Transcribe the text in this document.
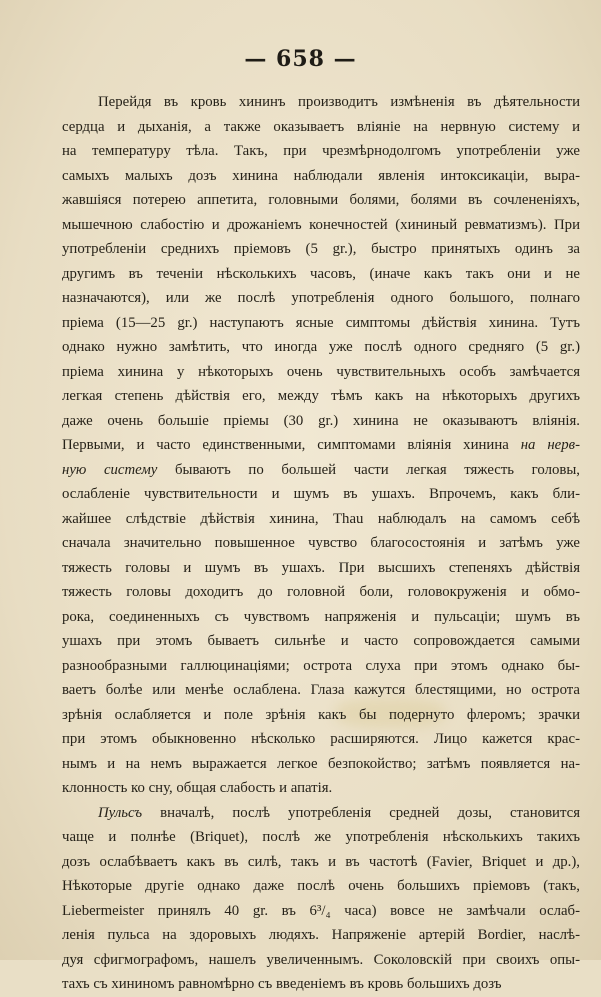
— 658 —
Перейдя въ кровь хининъ производитъ измѣненія въ дѣятельности
сердца и дыханія, а также оказываетъ вліяніе на нервную систему и
на температуру тѣла. Такъ, при чрезмѣрнодолгомъ употребленіи уже
самыхъ малыхъ дозъ хинина наблюдали явленія интоксикаціи, выра-
жавшіяся потерею аппетита, головными болями, болями въ сочлененіяхъ,
мышечною слабостію и дрожаніемъ конечностей (хининый ревматизмъ). При
употребленіи среднихъ пріемовъ (5 gr.), быстро принятыхъ одинъ за
другимъ въ теченіи нѣсколькихъ часовъ, (иначе какъ такъ они и не
назначаются), или же послѣ употребленія одного большого, полнаго
пріема (15—25 gr.) наступаютъ ясные симптомы дѣйствія хинина. Тутъ
однако нужно замѣтить, что иногда уже послѣ одного средняго (5 gr.)
пріема хинина у нѣкоторыхъ очень чувствительныхъ особъ замѣчается
легкая степень дѣйствія его, между тѣмъ какъ на нѣкоторыхъ другихъ
даже очень большіе пріемы (30 gr.) хинина не оказываютъ вліянія.
Первыми, и часто единственными, симптомами вліянія хинина на нерв-
ную систему бываютъ по большей части легкая тяжесть головы,
ослабленіе чувствительности и шумъ въ ушахъ. Впрочемъ, какъ бли-
жайшее слѣдствіе дѣйствія хинина, Thau наблюдалъ на самомъ себѣ
сначала значительно повышенное чувство благосостоянія и затѣмъ уже
тяжесть головы и шумъ въ ушахъ. При высшихъ степеняхъ дѣйствія
тяжесть головы доходитъ до головной боли, головокруженія и обмо-
рока, соединенныхъ съ чувствомъ напряженія и пульсаціи; шумъ въ
ушахъ при этомъ бываетъ сильнѣе и часто сопровождается самыми
разнообразными галлюцинаціями; острота слуха при этомъ однако бы-
ваетъ болѣе или менѣе ослаблена. Глаза кажутся блестящими, но острота
зрѣнія ослабляется и поле зрѣнія какъ бы подернуто флеромъ; зрачки
при этомъ обыкновенно нѣсколько расширяются. Лицо кажется крас-
нымъ и на немъ выражается легкое безпокойство; затѣмъ появляется на-
клонность ко сну, общая слабость и апатія.
Пульсъ вначалѣ, послѣ употребленія средней дозы, становится
чаще и полнѣе (Briquet), послѣ же употребленія нѣсколькихъ такихъ
дозъ ослабѣваетъ какъ въ силѣ, такъ и въ частотѣ (Favier, Briquet и др.),
Нѣкоторые другіе однако даже послѣ очень большихъ пріемовъ (такъ,
Liebermeister принялъ 40 gr. въ 6³/₄ часа) вовсе не замѣчали ослаб-
ленія пульса на здоровыхъ людяхъ. Напряженіе артерій Bordier, наслѣ-
дуя сфигмографомъ, нашелъ увеличеннымъ. Соколовскій при своихъ опы-
тахъ съ хининомъ равномѣрно съ введеніемъ въ кровь большихъ дозъ
